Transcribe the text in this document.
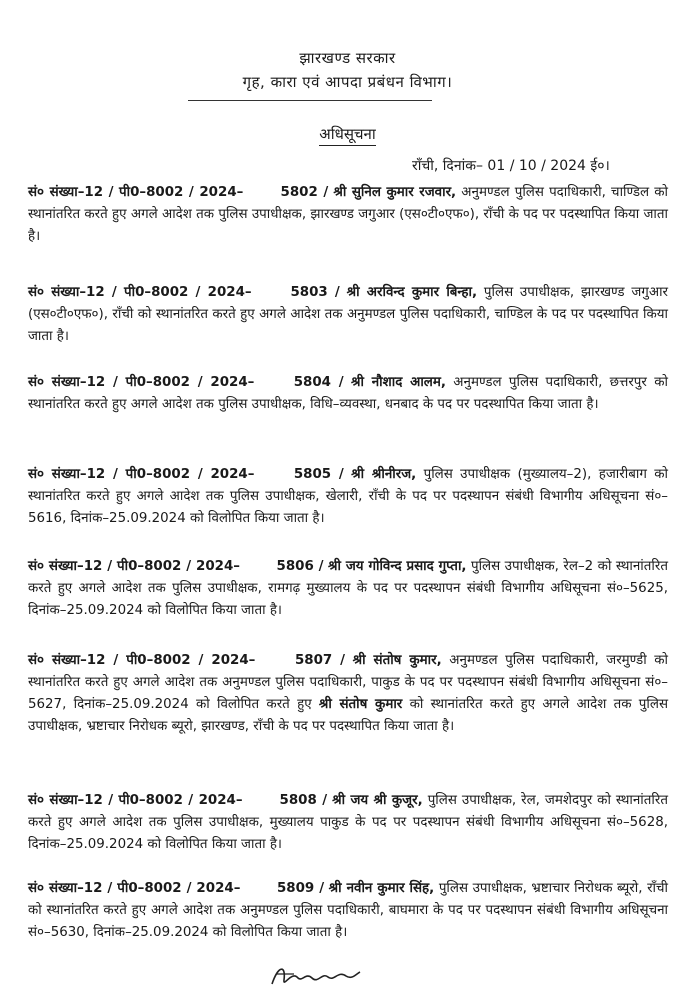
झारखण्ड सरकार
गृह, कारा एवं आपदा प्रबंधन विभाग।
अधिसूचना
राँची, दिनांक– 01 / 10 / 2024 ई०।
सं० संख्या–12 / पी0–8002 / 2024–	5802 / श्री सुनिल कुमार रजवार, अनुमण्डल पुलिस पदाधिकारी, चाण्डिल को स्थानांतरित करते हुए अगले आदेश तक पुलिस उपाधीक्षक, झारखण्ड जगुआर (एस०टी०एफ०), राँची के पद पर पदस्थापित किया जाता है।
सं० संख्या–12 / पी0–8002 / 2024–	5803 / श्री अरविन्द कुमार बिन्हा, पुलिस उपाधीक्षक, झारखण्ड जगुआर (एस०टी०एफ०), राँची को स्थानांतरित करते हुए अगले आदेश तक अनुमण्डल पुलिस पदाधिकारी, चाण्डिल के पद पर पदस्थापित किया जाता है।
सं० संख्या–12 / पी0–8002 / 2024–	5804 / श्री नौशाद आलम, अनुमण्डल पुलिस पदाधिकारी, छत्तरपुर को स्थानांतरित करते हुए अगले आदेश तक पुलिस उपाधीक्षक, विधि–व्यवस्था, धनबाद के पद पर पदस्थापित किया जाता है।
सं० संख्या–12 / पी0–8002 / 2024–	5805 / श्री श्रीनीरज, पुलिस उपाधीक्षक (मुख्यालय–2), हजारीबाग को स्थानांतरित करते हुए अगले आदेश तक पुलिस उपाधीक्षक, खेलारी, राँची के पद पर पदस्थापन संबंधी विभागीय अधिसूचना सं०–5616, दिनांक–25.09.2024 को विलोपित किया जाता है।
सं० संख्या–12 / पी0–8002 / 2024–	5806 / श्री जय गोविन्द प्रसाद गुप्ता, पुलिस उपाधीक्षक, रेल–2 को स्थानांतरित करते हुए अगले आदेश तक पुलिस उपाधीक्षक, रामगढ़ मुख्यालय के पद पर पदस्थापन संबंधी विभागीय अधिसूचना सं०–5625, दिनांक–25.09.2024 को विलोपित किया जाता है।
सं० संख्या–12 / पी0–8002 / 2024–	5807 / श्री संतोष कुमार, अनुमण्डल पुलिस पदाधिकारी, जरमुण्डी को स्थानांतरित करते हुए अगले आदेश तक अनुमण्डल पुलिस पदाधिकारी, पाकुड के पद पर पदस्थापन संबंधी विभागीय अधिसूचना सं०–5627, दिनांक–25.09.2024 को विलोपित करते हुए श्री संतोष कुमार को स्थानांतरित करते हुए अगले आदेश तक पुलिस उपाधीक्षक, भ्रष्टाचार निरोधक ब्यूरो, झारखण्ड, राँची के पद पर पदस्थापित किया जाता है।
सं० संख्या–12 / पी0–8002 / 2024–	5808 / श्री जय श्री कुजूर, पुलिस उपाधीक्षक, रेल, जमशेदपुर को स्थानांतरित करते हुए अगले आदेश तक पुलिस उपाधीक्षक, मुख्यालय पाकुड के पद पर पदस्थापन संबंधी विभागीय अधिसूचना सं०–5628, दिनांक–25.09.2024 को विलोपित किया जाता है।
सं० संख्या–12 / पी0–8002 / 2024–	5809 / श्री नवीन कुमार सिंह, पुलिस उपाधीक्षक, भ्रष्टाचार निरोधक ब्यूरो, राँची को स्थानांतरित करते हुए अगले आदेश तक अनुमण्डल पुलिस पदाधिकारी, बाघमारा के पद पर पदस्थापन संबंधी विभागीय अधिसूचना सं०–5630, दिनांक–25.09.2024 को विलोपित किया जाता है।
